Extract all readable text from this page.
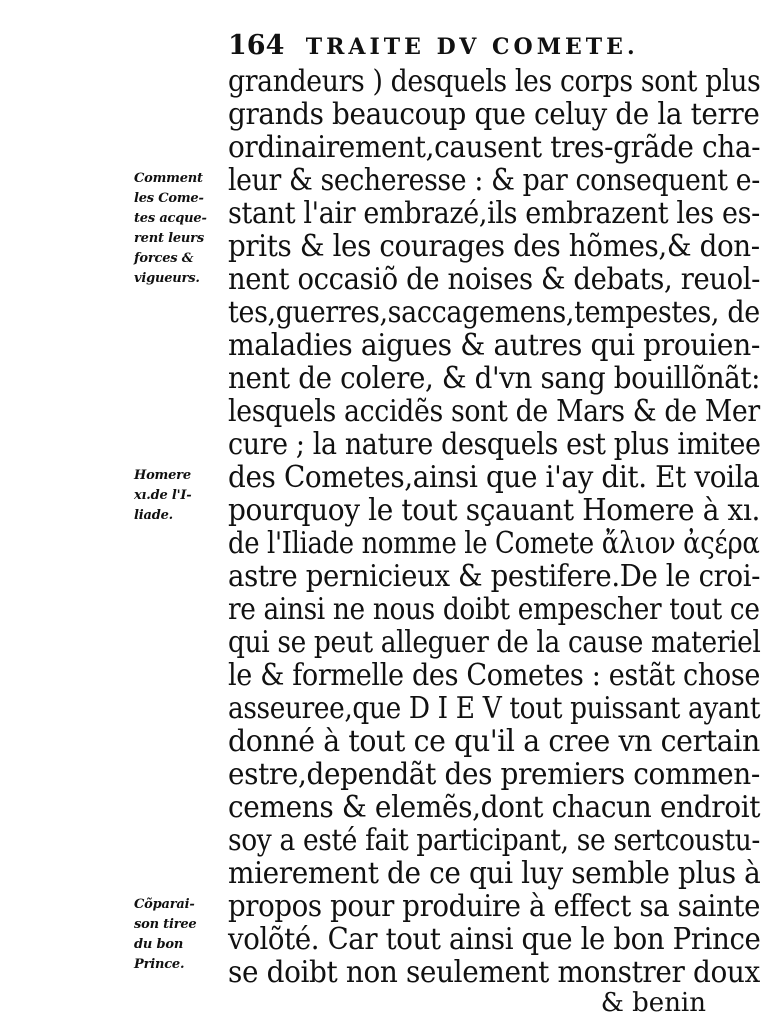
164 TRAITE DV COMETE.
grandeurs ) desquels les corps sont plus
grands beaucoup que celuy de la terre
ordinairement,causent tres-grãde cha-
leur & secheresse : & par consequent e-
stant l'air embrazé,ils embrazent les es-
prits & les courages des hõmes,& don-
nent occasiõ de noises & debats, reuol-
tes,guerres,saccagemens,tempestes, de
maladies aigues & autres qui prouien-
nent de colere, & d'vn sang bouillõnãt:
lesquels accidẽs sont de Mars & de Mer
cure ; la nature desquels est plus imitee
des Cometes,ainsi que i'ay dit. Et voila
pourquoy le tout sçauant Homere à xı.
de l'Iliade nomme le Comete ἄλιον ἀςέρα
astre pernicieux & pestifere.De le croi-
re ainsi ne nous doibt empescher tout ce
qui se peut alleguer de la cause materiel
le & formelle des Cometes : estãt chose
asseuree,que D I E V tout puissant ayant
donné à tout ce qu'il a cree vn certain
estre,dependãt des premiers commen-
cemens & elemẽs,dont chacun endroit
soy a esté fait participant, se sertcoustu-
mierement de ce qui luy semble plus à
propos pour produire à effect sa sainte
volõté. Car tout ainsi que le bon Prince
se doibt non seulement monstrer doux
& benin
Comment
les Come-
tes acque-
rent leurs
forces &
vigueurs.
Homere
xı.de l'I-
liade.
Cõparai-
son tiree
du bon
Prince.
